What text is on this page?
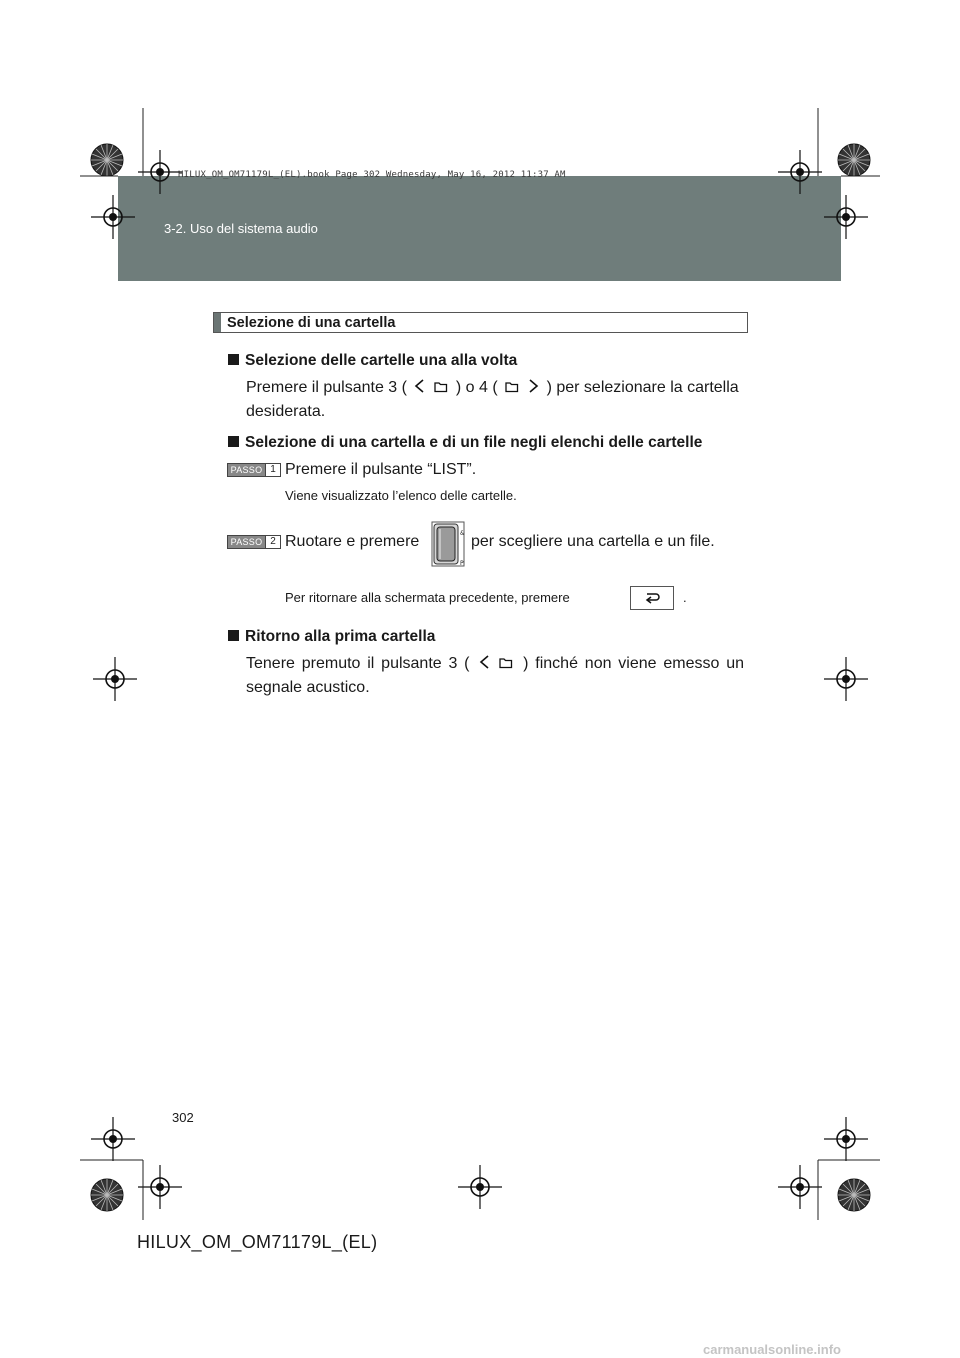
HILUX_OM_OM71179L_(EL).book Page 302 Wednesday, May 16, 2012 11:37 AM
3-2. Uso del sistema audio
Selezione di una cartella
Selezione delle cartelle una alla volta
Premere il pulsante 3 (	) o 4 (	) per selezionare la cartella
desiderata.
Selezione di una cartella e di un file negli elenchi delle cartelle
PASSO 1 Premere il pulsante “LIST”.
Viene visualizzato l’elenco delle cartelle.
PASSO 2 Ruotare e premere	&
P
per scegliere una cartella e un file.
Per ritornare alla schermata precedente, premere	.
Ritorno alla prima cartella
Tenere premuto il pulsante 3 (	) finché non viene emesso un
segnale acustico.
302
HILUX_OM_OM71179L_(EL)
carmanualsonline.info
